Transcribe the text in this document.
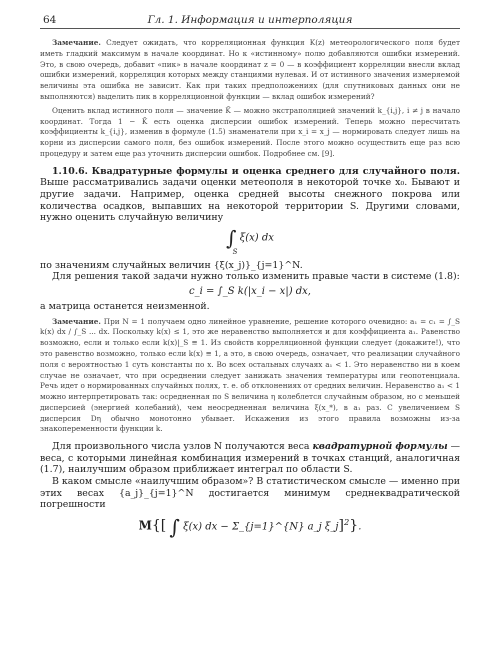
64	Гл. 1. Информация и интерполяция

Замечание. Следует ожидать, что корреляционная функция K(z) метеорологического поля будет иметь гладкий максимум в начале координат. Но к «истинному» полю добавляются ошибки измерений. Это, в свою очередь, добавит «пик» в начале координат z = 0 — в коэффициент корреляции внесли вклад ошибки измерений, корреляция которых между станциями нулевая. И от истинного значения измеряемой величины эта ошибка не зависит. Как при таких предположениях (для спутниковых данных они не выполняются) выделить пик в корреляционной функции — вклад ошибок измерений?

Оценить вклад истинного поля — значение K̄ — можно экстраполяцией значений k_{i,j}, i ≠ j в начало координат. Тогда 1 − K̄ есть оценка дисперсии ошибок измерений. Теперь можно пересчитать коэффициенты k_{i,j}, изменив в формуле (1.5) знаменатели при x_i = x_j — нормировать следует лишь на корни из дисперсии самого поля, без ошибок измерений. После этого можно осуществить еще раз всю процедуру и затем еще раз уточнить дисперсии ошибок. Подробнее см. [9].

1.10.6. Квадратурные формулы и оценка среднего для случайного поля. Выше рассматривались задачи оценки метеополя в некоторой точке x₀. Бывают и другие задачи. Например, оценка средней высоты снежного покрова или количества осадков, выпавших на некоторой территории S. Другими словами, нужно оценить случайную величину

∫ ξ(x) dx
S

по значениям случайных величин {ξ(x_j)}_{j=1}^N.

Для решения такой задачи нужно только изменить правые части в системе (1.8):

c_i = ∫_S k(|x_i − x|) dx,

а матрица останется неизменной.

Замечание. При N = 1 получаем одно линейное уравнение, решение которого очевидно: a₁ = c₁ = ∫_S k(x) dx / ∫_S ... dx. Поскольку k(x) ≤ 1, это же неравенство выполняется и для коэффициента a₁. Равенство возможно, если и только если k(x)|_S ≡ 1. Из свойств корреляционной функции следует (докажите!), что это равенство возможно, только если k(x) ≡ 1, а это, в свою очередь, означает, что реализации случайного поля с вероятностью 1 суть константы по x. Во всех остальных случаях a₁ < 1. Это неравенство ни в коем случае не означает, что при осреднении следует занижать значения температуры или геопотенциала. Речь идет о нормированных случайных полях, т. е. об отклонениях от средних величин. Неравенство a₁ < 1 можно интерпретировать так: осредненная по S величина η колеблется случайным образом, но с меньшей дисперсией (энергией колебаний), чем неосредненная величина ξ(x_*), в a₁ раз. С увеличением S дисперсия Dη обычно монотонно убывает. Искажения из этого правила возможны из-за знакопеременности функции k.

Для произвольного числа узлов N получаются веса квадратурной формулы — веса, с которыми линейная комбинация измерений в точках станций, аналогичная (1.7), наилучшим образом приближает интеграл по области S.

В каком смысле «наилучшим образом»? В статистическом смысле — именно при этих весах {a_j}_{j=1}^N достигается минимум среднеквадратической погрешности

M{[ ∫ ξ(x) dx − Σ_{j=1}^{N} a_j ξ_j]$^2$}.
